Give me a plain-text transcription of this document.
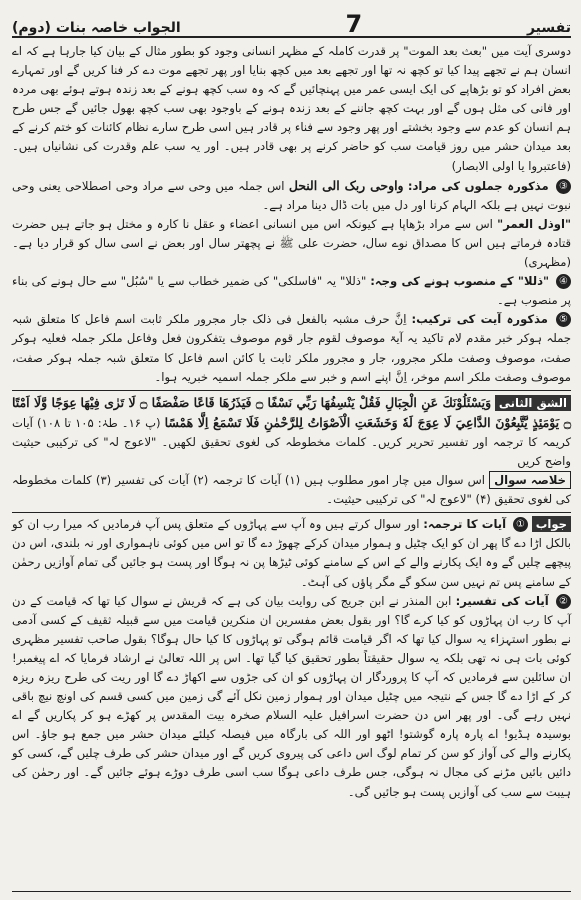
الجواب خاصہ بنات (دوم)	7	تفسیر

دوسری آیت میں "بعث بعد الموت" پر قدرت کاملہ کے مظہر انسانی وجود کو بطور مثال کے بیان کیا جارہا ہے کہ اے انسان ہم نے تجھے پیدا کیا تو کچھ نہ تھا اور تجھے بعد میں کچھ بنایا اور پھر تجھے موت دے کر فنا کریں گے اور تمہارے بعض افراد کو تو بڑھاپے کی ایک ایسی عمر میں پہنچائیں گے کہ وہ سب کچھ ہونے کے بعد زندہ ہوتے ہوئے بھی مردہ اور فانی کی مثل ہوں گے اور بہت کچھ جاننے کے بعد زندہ ہونے کے باوجود بھی سب کچھ بھول جائیں گے جس طرح ہم انسان کو عدم سے وجود بخشتے اور پھر وجود سے فناء پر قادر ہیں اسی طرح سارے نظام کائنات کو ختم کرنے کے بعد میدان حشر میں روز قیامت سب کو حاضر کرنے پر بھی قادر ہیں۔ اور یہ سب علم وقدرت کی نشانیاں ہیں۔ (فاعتبروا یا اولی الابصار)

③ مذکورہ جملوں کی مراد: واوحی ربک الی النحل اس جملہ میں وحی سے مراد وحی اصطلاحی یعنی وحی نبوت نہیں ہے بلکہ الہام کرنا اور دل میں بات ڈال دینا مراد ہے۔

"اوذل العمر" اس سے مراد بڑھاپا ہے کیونکہ اس میں انسانی اعضاء و عقل نا کارہ و مختل ہو جاتے ہیں حضرت قتادہ فرماتے ہیں اس کا مصداق نوے سال، حضرت علی ﷺ نے پچھتر سال اور بعض نے اسی سال کو قرار دیا ہے۔ (مظہری)

④ "ذللا" کے منصوب ہونے کی وجہ: "ذللا" یہ "فاسلکی" کی ضمیر خطاب سے یا "سُبُل" سے حال ہونے کی بناء پر منصوب ہے۔

⑤ مذکورہ آیت کی ترکیب: اِنَّ حرف مشبہ بالفعل فی ذلک جار مجرور ملکر ثابت اسم فاعل کا متعلق شبہ جملہ ہوکر خبر مقدم لام تاکید یہ آیۃ موصوف لقوم جار قوم موصوف یتفکرون فعل وفاعل ملکر جملہ فعلیہ ہوکر صفت، موصوف وصفت ملکر مجرور، جار و مجرور ملکر ثابت یا کائن اسم فاعل کا متعلق شبہ جملہ ہوکر صفت، موصوف وصفت ملکر اسم موخر، اِنَّ اپنے اسم و خبر سے ملکر جملہ اسمیہ خبریہ ہوا۔

الشق الثانی وَيَسْئَلُوْنَكَ عَنِ الْجِبَالِ فَقُلْ يَنْسِفُهَا رَبِّي نَسْفًا ۝ فَيَذَرُهَا قَاعًا صَفْصَفًا ۝ لَا تَرٰى فِيْهَا عِوَجًا وَّلَا اَمْتًا ۝ يَوْمَئِذٍ يَّتَّبِعُوْنَ الدَّاعِيَ لَا عِوَجَ لَهٗ وَخَشَعَتِ الْاَصْوَاتُ لِلرَّحْمٰنِ فَلَا تَسْمَعُ اِلَّا هَمْسًا (پ ۱۶۔ طہٰ: ۱۰۵ تا ۱۰۸) آیات کریمہ کا ترجمہ اور تفسیر تحریر کریں۔ کلمات مخطوطہ کی لغوی تحقیق لکھیں۔ "لاعوج لہ" کی ترکیبی حیثیت واضح کریں

خلاصہ سوال اس سوال میں چار امور مطلوب ہیں (۱) آیات کا ترجمہ (۲) آیات کی تفسیر (۳) کلمات مخطوطہ کی لغوی تحقیق (۴) "لاعوج لہ" کی ترکیبی حیثیت۔

جواب ① آیات کا ترجمہ: اور سوال کرتے ہیں وہ آپ سے پہاڑوں کے متعلق پس آپ فرمادیں کہ میرا رب ان کو بالکل اڑا دے گا پھر ان کو ایک چٹیل و ہموار میدان کرکے چھوڑ دے گا تو اس میں کوئی ناہمواری اور نہ بلندی، اس دن پیچھے چلیں گے وہ ایک پکارنے والے کے اس کے سامنے کوئی ٹیڑھا پن نہ ہوگا اور پست ہو جائیں گی تمام آوازیں رحمٰن کے سامنے پس تم نہیں سن سکو گے مگر پاؤں کی آہٹ۔

② آیات کی تفسیر: ابن المنذر نے ابن جریج کی روایت بیان کی ہے کہ قریش نے سوال کیا تھا کہ قیامت کے دن آپ کا رب ان پہاڑوں کو کیا کرے گا؟ اور بقول بعض مفسرین ان منکرین قیامت میں سے قبیلہ ثقیف کے کسی آدمی نے بطور استہزاء یہ سوال کیا تھا کہ اگر قیامت قائم ہوگی تو پہاڑوں کا کیا حال ہوگا؟ بقول صاحب تفسیر مظہری کوئی بات ہی نہ تھی بلکہ یہ سوال حقیقتاً بطور تحقیق کیا گیا تھا۔ اس پر اللہ تعالیٰ نے ارشاد فرمایا کہ اے پیغمبر! ان سائلین سے فرمادیں کہ آپ کا پروردگار ان پہاڑوں کو ان کی جڑوں سے اکھاڑ دے گا اور ریت کی طرح ریزہ ریزہ کر کے اڑا دے گا جس کے نتیجہ میں چٹیل میدان اور ہموار زمین نکل آئے گی زمین میں کسی قسم کی اونچ نیچ باقی نہیں رہے گی۔ اور پھر اس دن حضرت اسرافیل علیہ السلام صخرہ بیت المقدس پر کھڑے ہو کر پکاریں گے اے بوسیدہ ہڈیو! اے پارہ پارہ گوشتو! اٹھو اور اللہ کی بارگاہ میں فیصلہ کیلئے میدان حشر میں جمع ہو جاؤ۔ اس پکارنے والے کی آواز کو سن کر تمام لوگ اس داعی کی پیروی کریں گے اور میدان حشر کی طرف چلیں گے، کسی کو دائیں بائیں مڑنے کی مجال نہ ہوگی، جس طرف داعی ہوگا سب اسی طرف دوڑے ہوئے جائیں گے۔ اور رحمٰن کی ہیبت سے سب کی آوازیں پست ہو جائیں گی۔
